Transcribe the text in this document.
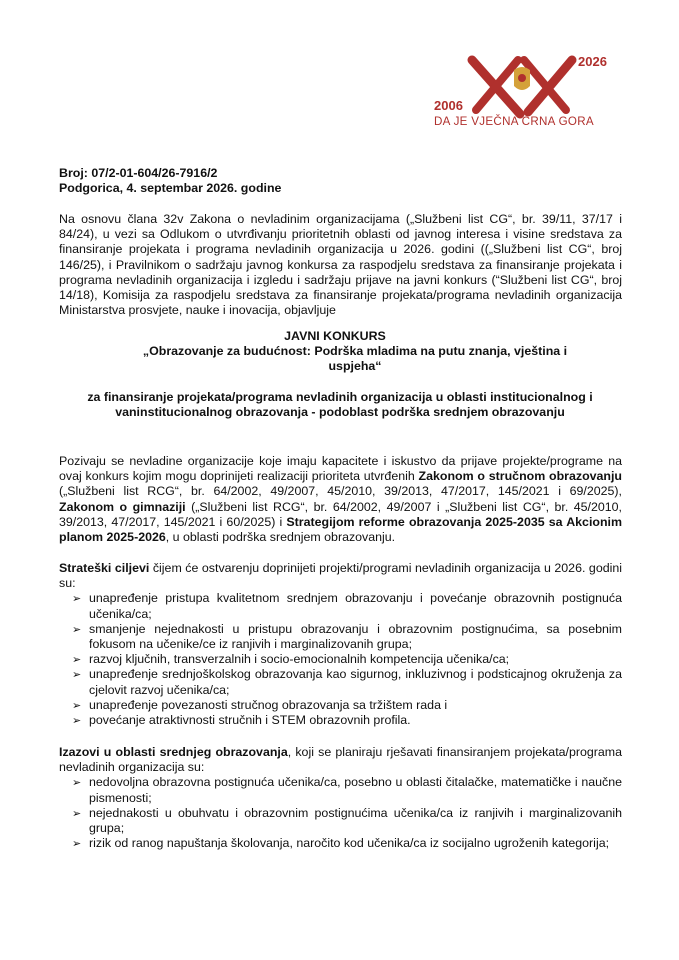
2026
2006
DA JE VJEČNA CRNA GORA
Broj: 07/2-01-604/26-7916/2
Podgorica, 4. septembar 2026. godine

Na osnovu člana 32v Zakona o nevladinim organizacijama („Službeni list CG“, br. 39/11, 37/17 i 84/24), u vezi sa Odlukom o utvrđivanju prioritetnih oblasti od javnog interesa i visine sredstava za finansiranje projekata i programa nevladinih organizacija u 2026. godini ((„Službeni list CG“, broj 146/25), i Pravilnikom o sadržaju javnog konkursa za raspodjelu sredstava za finansiranje projekata i programa nevladinih organizacija i izgledu i sadržaju prijave na javni konkurs (“Službeni list CG“, broj 14/18), Komisija za raspodjelu sredstava za finansiranje projekata/programa nevladinih organizacija Ministarstva prosvjete, nauke i inovacija, objavljuje

JAVNI KONKURS
„Obrazovanje za budućnost: Podrška mladima na putu znanja, vještina i uspjeha“
za finansiranje projekata/programa nevladinih organizacija u oblasti institucionalnog i vaninstitucionalnog obrazovanja - podoblast podrška srednjem obrazovanju

Pozivaju se nevladine organizacije koje imaju kapacitete i iskustvo da prijave projekte/programe na ovaj konkurs kojim mogu doprinijeti realizaciji prioriteta utvrđenih Zakonom o stručnom obrazovanju („Službeni list RCG“, br. 64/2002, 49/2007, 45/2010, 39/2013, 47/2017, 145/2021 i 69/2025), Zakonom o gimnaziji („Službeni list RCG“, br. 64/2002, 49/2007 i „Službeni list CG“, br. 45/2010, 39/2013, 47/2017, 145/2021 i 60/2025) i Strategijom reforme obrazovanja 2025-2035 sa Akcionim planom 2025-2026, u oblasti podrška srednjem obrazovanju.

Strateški ciljevi čijem će ostvarenju doprinijeti projekti/programi nevladinih organizacija u 2026. godini su:

➢ unapređenje pristupa kvalitetnom srednjem obrazovanju i povećanje obrazovnih postignuća učenika/ca;
➢ smanjenje nejednakosti u pristupu obrazovanju i obrazovnim postignućima, sa posebnim fokusom na učenike/ce iz ranjivih i marginalizovanih grupa;
➢ razvoj ključnih, transverzalnih i socio-emocionalnih kompetencija učenika/ca;
➢ unapređenje srednjoškolskog obrazovanja kao sigurnog, inkluzivnog i podsticajnog okruženja za cjelovit razvoj učenika/ca;
➢ unapređenje povezanosti stručnog obrazovanja sa tržištem rada i
➢ povećanje atraktivnosti stručnih i STEM obrazovnih profila.

Izazovi u oblasti srednjeg obrazovanja, koji se planiraju rješavati finansiranjem projekata/programa nevladinih organizacija su:

➢ nedovoljna obrazovna postignuća učenika/ca, posebno u oblasti čitalačke, matematičke i naučne pismenosti;
➢ nejednakosti u obuhvatu i obrazovnim postignućima učenika/ca iz ranjivih i marginalizovanih grupa;
➢ rizik od ranog napuštanja školovanja, naročito kod učenika/ca iz socijalno ugroženih kategorija;
